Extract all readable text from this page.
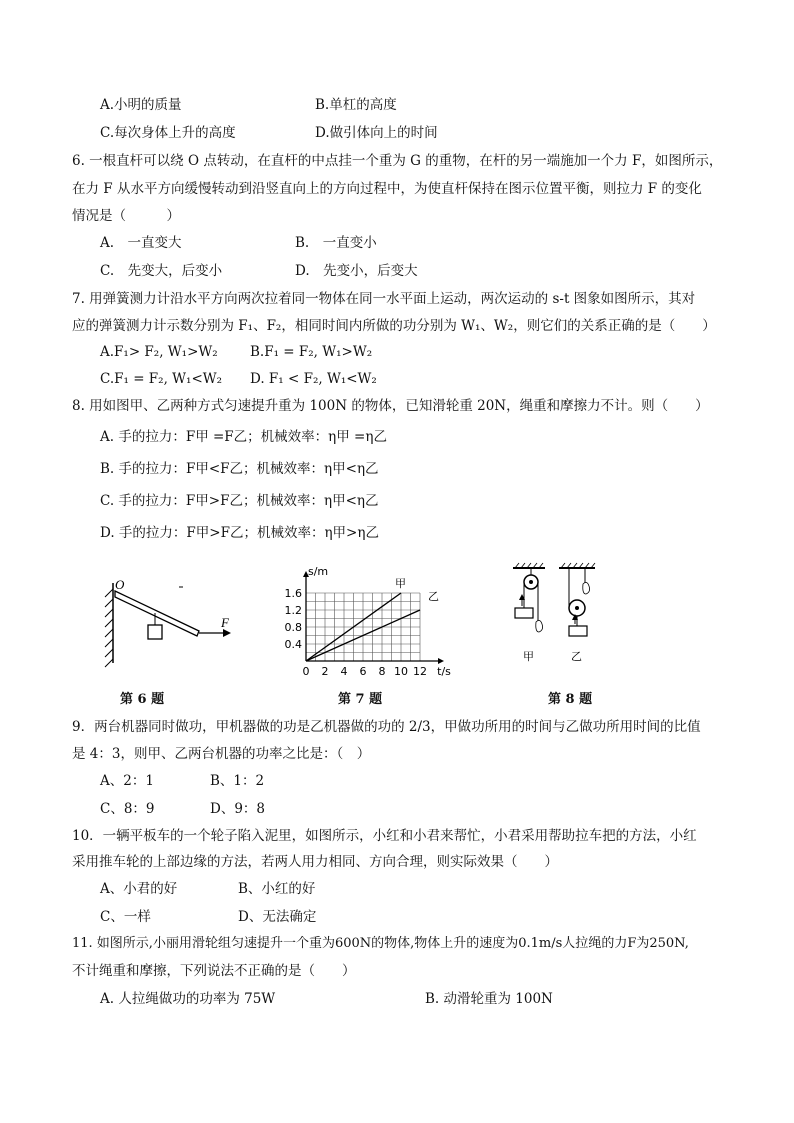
A.小明的质量	B.单杠的高度
C.每次身体上升的高度	D.做引体向上的时间
6. 一根直杆可以绕 O 点转动，在直杆的中点挂一个重为 G 的重物，在杆的另一端施加一个力 F，如图所示，
在力 F 从水平方向缓慢转动到沿竖直向上的方向过程中，为使直杆保持在图示位置平衡，则拉力 F 的变化
情况是（　　　）
A.　一直变大	B.　一直变小
C.　先变大，后变小	D.　先变小，后变大
7. 用弹簧测力计沿水平方向两次拉着同一物体在同一水平面上运动，两次运动的 s-t 图象如图所示，其对
应的弹簧测力计示数分别为 F₁、F₂，相同时间内所做的功分别为 W₁、W₂，则它们的关系正确的是（　　）
A.F₁> F₂, W₁>W₂ B.F₁ = F₂, W₁>W₂
C.F₁ = F₂, W₁<W₂ D. F₁ < F₂, W₁<W₂
8. 用如图甲、乙两种方式匀速提升重为 100N 的物体，已知滑轮重 20N，绳重和摩擦力不计。则（　　）
A. 手的拉力：F甲 =F乙；机械效率：η甲 =η乙
B. 手的拉力：F甲<F乙；机械效率：η甲<η乙
C. 手的拉力：F甲>F乙；机械效率：η甲<η乙
D. 手的拉力：F甲>F乙；机械效率：η甲>η乙
O
F
第 6 题
0 2 4 6 8 10 12
0.4
0.8
1.2
1.6
t/s
s/m
甲
乙
第 7 题
甲	乙
第 8 题
9．两台机器同时做功，甲机器做的功是乙机器做的功的 2/3，甲做功所用的时间与乙做功所用时间的比值
是 4：3，则甲、乙两台机器的功率之比是：（　）
A、2：1	B、1：2
C、8：9	D、9：8
10．一辆平板车的一个轮子陷入泥里，如图所示，小红和小君来帮忙，小君采用帮助拉车把的方法，小红
采用推车轮的上部边缘的方法，若两人用力相同、方向合理，则实际效果（　　）
A、小君的好	B、小红的好
C、一样	D、无法确定
11. 如图所示,小丽用滑轮组匀速提升一个重为600N的物体,物体上升的速度为0.1m/s人拉绳的力F为250N,
不计绳重和摩擦，下列说法不正确的是（　　）
A. 人拉绳做功的功率为 75W	B. 动滑轮重为 100N
